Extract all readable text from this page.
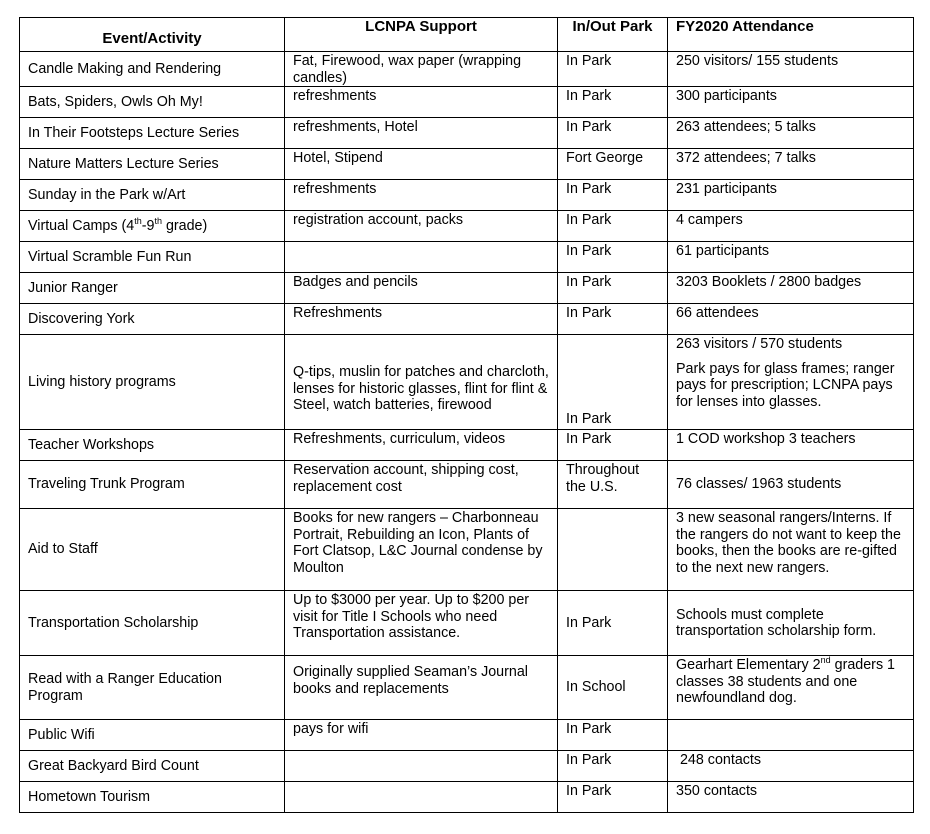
Event/Activity	LCNPA Support	In/Out Park	FY2020 Attendance
Candle Making and Rendering	Fat, Firewood, wax paper (wrapping candles)	In Park	250 visitors/ 155 students
Bats, Spiders, Owls Oh My!	refreshments	In Park	300 participants
In Their Footsteps Lecture Series	refreshments, Hotel	In Park	263 attendees; 5 talks
Nature Matters Lecture Series	Hotel, Stipend	Fort George	372 attendees; 7 talks
Sunday in the Park w/Art	refreshments	In Park	231 participants
Virtual Camps (4th-9th grade)	registration account, packs	In Park	4 campers
Virtual Scramble Fun Run		In Park	61 participants
Junior Ranger	Badges and pencils	In Park	3203 Booklets / 2800 badges
Discovering York	Refreshments	In Park	66 attendees
Living history programs	Q-tips, muslin for patches and charcloth, lenses for historic glasses, flint for flint & Steel, watch batteries, firewood	In Park	263 visitors / 570 students
Park pays for glass frames; ranger pays for prescription; LCNPA pays for lenses into glasses.
Teacher Workshops	Refreshments, curriculum, videos	In Park	1 COD workshop 3 teachers
Traveling Trunk Program	Reservation account, shipping cost, replacement cost	Throughout the U.S.	76 classes/ 1963 students
Aid to Staff	Books for new rangers – Charbonneau Portrait, Rebuilding an Icon, Plants of Fort Clatsop, L&C Journal condense by Moulton		3 new seasonal rangers/Interns. If the rangers do not want to keep the books, then the books are re-gifted to the next new rangers.
Transportation Scholarship	Up to $3000 per year. Up to $200 per visit for Title I Schools who need Transportation assistance.	In Park	Schools must complete transportation scholarship form.
Read with a Ranger Education Program	Originally supplied Seaman’s Journal books and replacements	In School	Gearhart Elementary 2nd graders 1 classes 38 students and one newfoundland dog.
Public Wifi	pays for wifi	In Park	
Great Backyard Bird Count		In Park	248 contacts
Hometown Tourism		In Park	350 contacts
